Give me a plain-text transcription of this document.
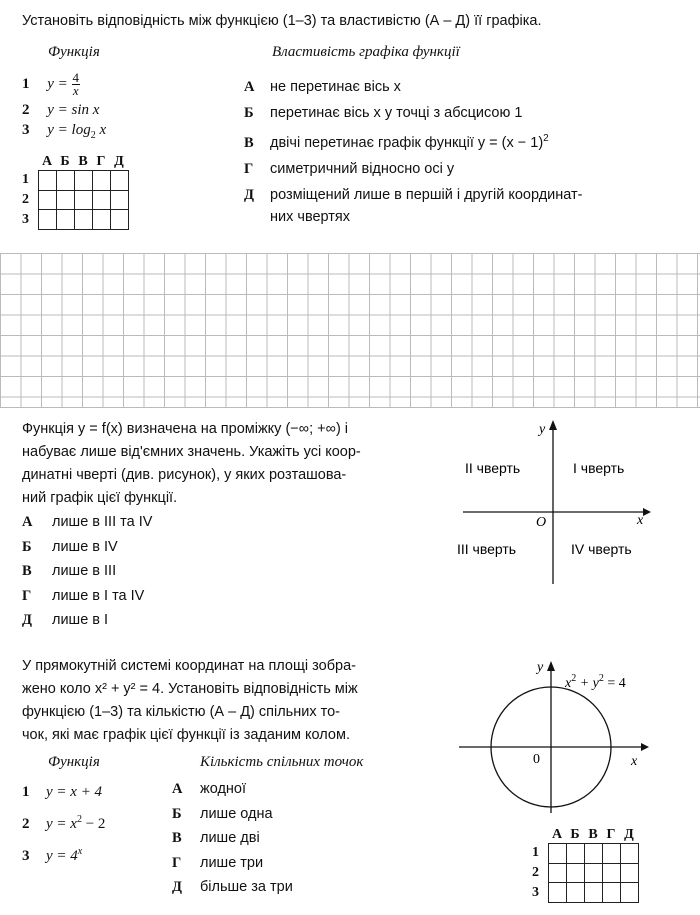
Установіть відповідність між функцією (1–3) та властивістю (А – Д) її графіка.
Функція	Властивість графіка функції
1 $y = \frac{4}{x}$
2 y = sin x
3 $y = \log_2 x$
А не перетинає вісь x
Б перетинає вісь x у точці з абсцисою 1
В двічі перетинає графік функції $y = (x - 1)^2$
Г симетричний відносно осі y
Д розміщений лише в першій і другій координат-
них чвертях
А Б В Г Д
1
2
3

Функція y = f(x) визначена на проміжку (−∞; +∞) і
набуває лише від'ємних значень. Укажіть усі коор-
динатні чверті (див. рисунок), у яких розташова-
ний графік цієї функції.
А лише в III та IV
Б лише в IV
В лише в III
Г лише в I та IV
Д лише в I
y
x
O
II чверть	I чверть
III чверть	IV чверть
У прямокутній системі координат на площі зобра-
жено коло x² + y² = 4. Установіть відповідність між
функцією (1–3) та кількістю (А – Д) спільних то-
чок, які має графік цієї функції із заданим колом.
Функція	Кількість спільних точок
1 y = x + 4
2 $y = x^2 - 2$
3 $y = 4^x$
А жодної
Б лише одна
В лише дві
Г лише три
Д більше за три
y
x
0
$x^2 + y^2 = 4$
А Б В Г Д
1
2
3
